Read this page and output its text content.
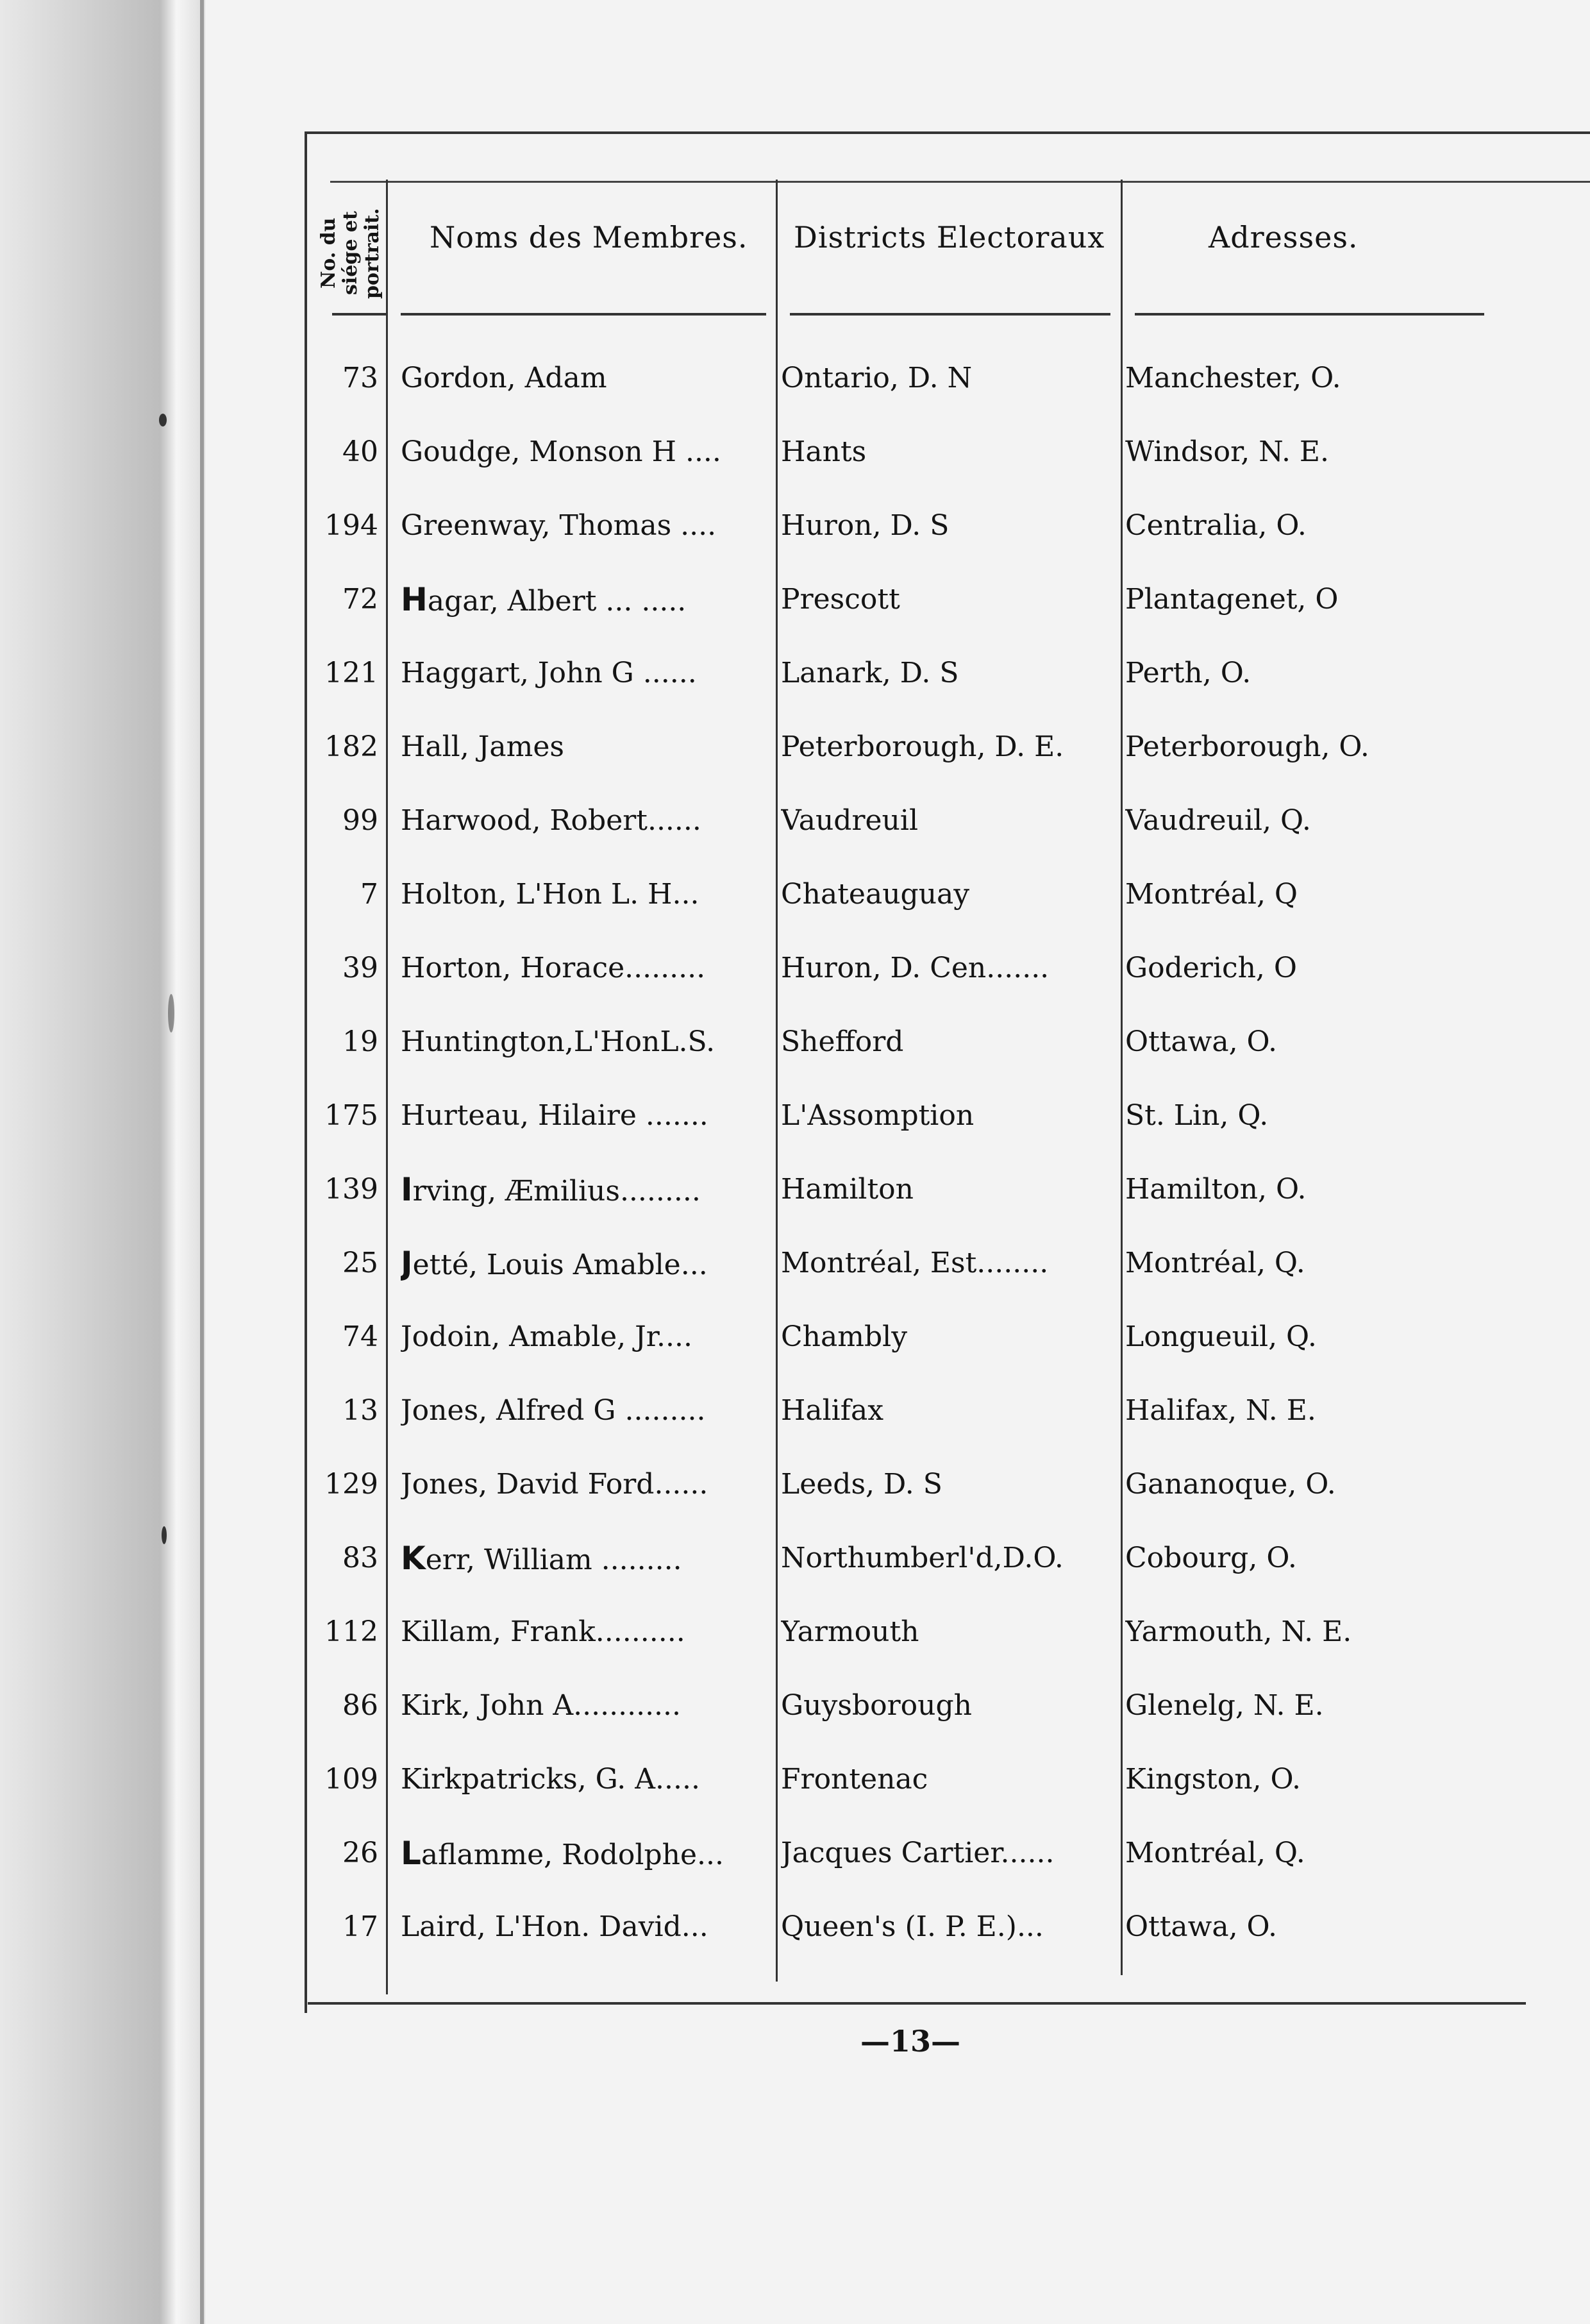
No. du siége et portrait.	Noms des Membres. Districts Electoraux	Adresses.
73 Gordon, Adam	Ontario, D. N	Manchester, O.
40 Goudge, Monson H ....	Hants	Windsor, N. E.
194 Greenway, Thomas ....	Huron, D. S	Centralia, O.
72 Hagar, Albert ... .....	Prescott	Plantagenet, O
121 Haggart, John G ......	Lanark, D. S	Perth, O.
182 Hall, James	Peterborough, D. E.	Peterborough, O.
99 Harwood, Robert......	Vaudreuil	Vaudreuil, Q.
7 Holton, L'Hon L. H...	Chateauguay	Montréal, Q
39 Horton, Horace.........	Huron, D. Cen.......	Goderich, O
19 Huntington,L'HonL.S.	Shefford	Ottawa, O.
175 Hurteau, Hilaire .......	L'Assomption	St. Lin, Q.
139 Irving, Æmilius.........	Hamilton	Hamilton, O.
25 Jetté, Louis Amable...	Montréal, Est........	Montréal, Q.
74 Jodoin, Amable, Jr....	Chambly	Longueuil, Q.
13 Jones, Alfred G .........	Halifax	Halifax, N. E.
129 Jones, David Ford......	Leeds, D. S	Gananoque, O.
83 Kerr, William .........	Northumberl'd,D.O.	Cobourg, O.
112 Killam, Frank..........	Yarmouth	Yarmouth, N. E.
86 Kirk, John A............	Guysborough	Glenelg, N. E.
109 Kirkpatricks, G. A.....	Frontenac	Kingston, O.
26 Laflamme, Rodolphe...	Jacques Cartier......	Montréal, Q.
17 Laird, L'Hon. David...	Queen's (I. P. E.)...	Ottawa, O.
—13—
